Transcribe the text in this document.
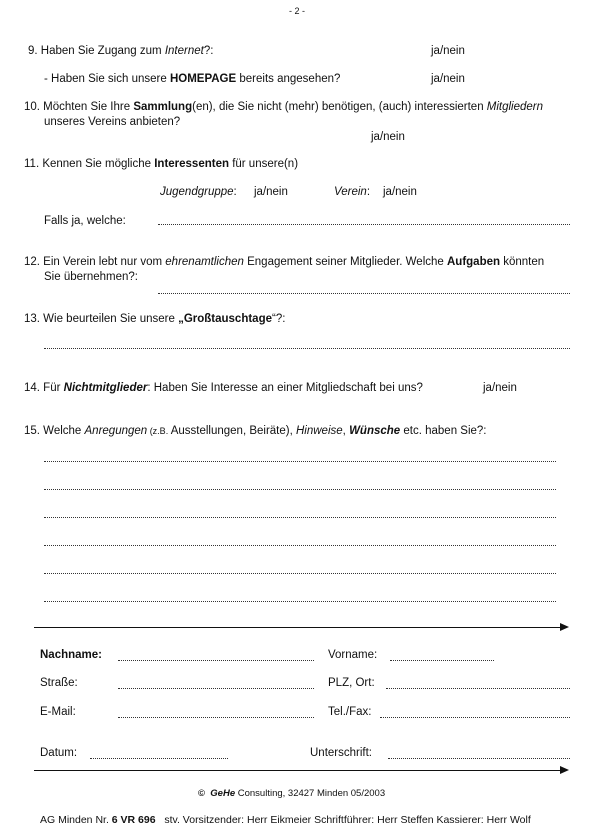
- 2 -
9. Haben Sie Zugang zum Internet?:	ja/nein
- Haben Sie sich unsere HOMEPAGE bereits angesehen?	ja/nein
10. Möchten Sie Ihre Sammlung(en), die Sie nicht (mehr) benötigen, (auch) interessierten Mitgliedern
unseres Vereins anbieten?
ja/nein
11. Kennen Sie mögliche Interessenten für unsere(n)
Jugendgruppe: ja/nein	Verein: ja/nein
Falls ja, welche:
12. Ein Verein lebt nur vom ehrenamtlichen Engagement seiner Mitglieder. Welche Aufgaben könnten
Sie übernehmen?:
13. Wie beurteilen Sie unsere „Großtauschtage“?:
14. Für Nichtmitglieder: Haben Sie Interesse an einer Mitgliedschaft bei uns?	ja/nein
15. Welche Anregungen (z.B. Ausstellungen, Beiräte), Hinweise, Wünsche etc. haben Sie?:
Nachname:	Vorname:
Straße:	PLZ, Ort:
E-Mail:	Tel./Fax:
Datum:	Unterschrift:
© GeHe Consulting, 32427 Minden 05/2003
AG Minden Nr. 6 VR 696 stv. Vorsitzender: Herr Eikmeier Schriftführer: Herr Steffen Kassierer: Herr Wolf
